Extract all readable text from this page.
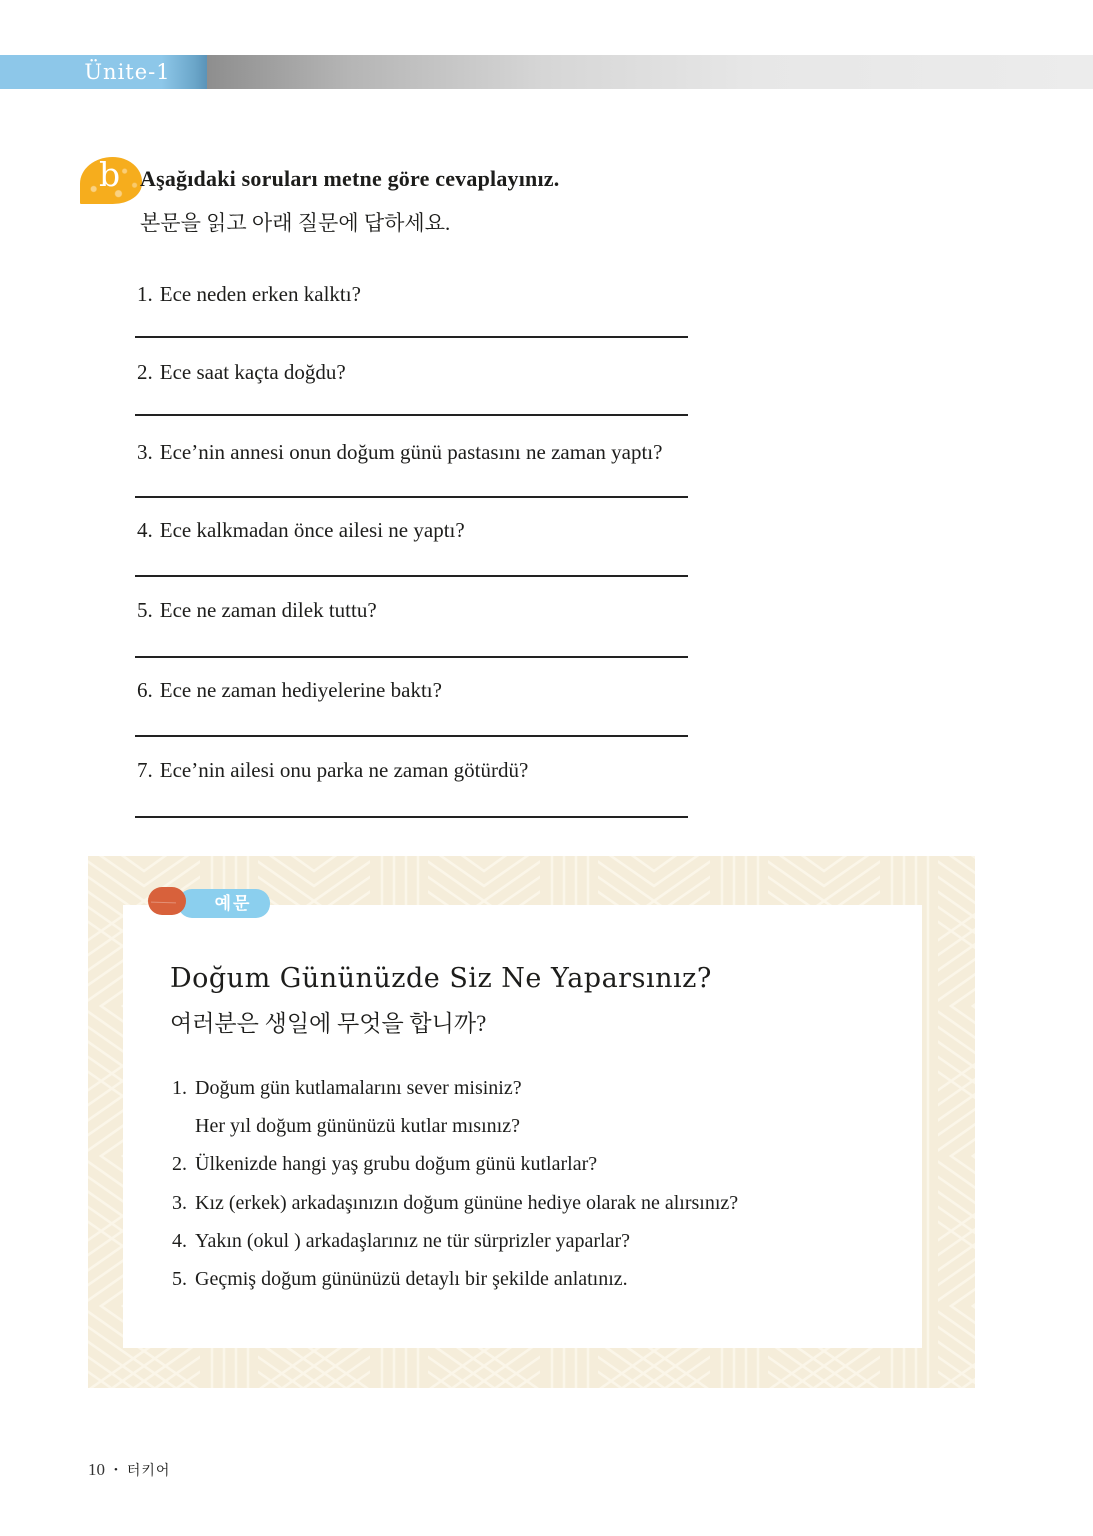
Ünite-1
b Aşağıdaki soruları metne göre cevaplayınız.
본문을 읽고 아래 질문에 답하세요.
1. Ece neden erken kalktı?
2. Ece saat kaçta doğdu?
3. Ece’nin annesi onun doğum günü pastasını ne zaman yaptı?
4. Ece kalkmadan önce ailesi ne yaptı?
5. Ece ne zaman dilek tuttu?
6. Ece ne zaman hediyelerine baktı?
7. Ece’nin ailesi onu parka ne zaman götürdü?
예문
Doğum Gününüzde Siz Ne Yaparsınız?
여러분은 생일에 무엇을 합니까?
1. Doğum gün kutlamalarını sever misiniz?
Her yıl doğum gününüzü kutlar mısınız?
2. Ülkenizde hangi yaş grubu doğum günü kutlarlar?
3. Kız (erkek) arkadaşınızın doğum gününe hediye olarak ne alırsınız?
4. Yakın (okul ) arkadaşlarınız ne tür sürprizler yaparlar?
5. Geçmiş doğum gününüzü detaylı bir şekilde anlatınız.
10 • 터키어
